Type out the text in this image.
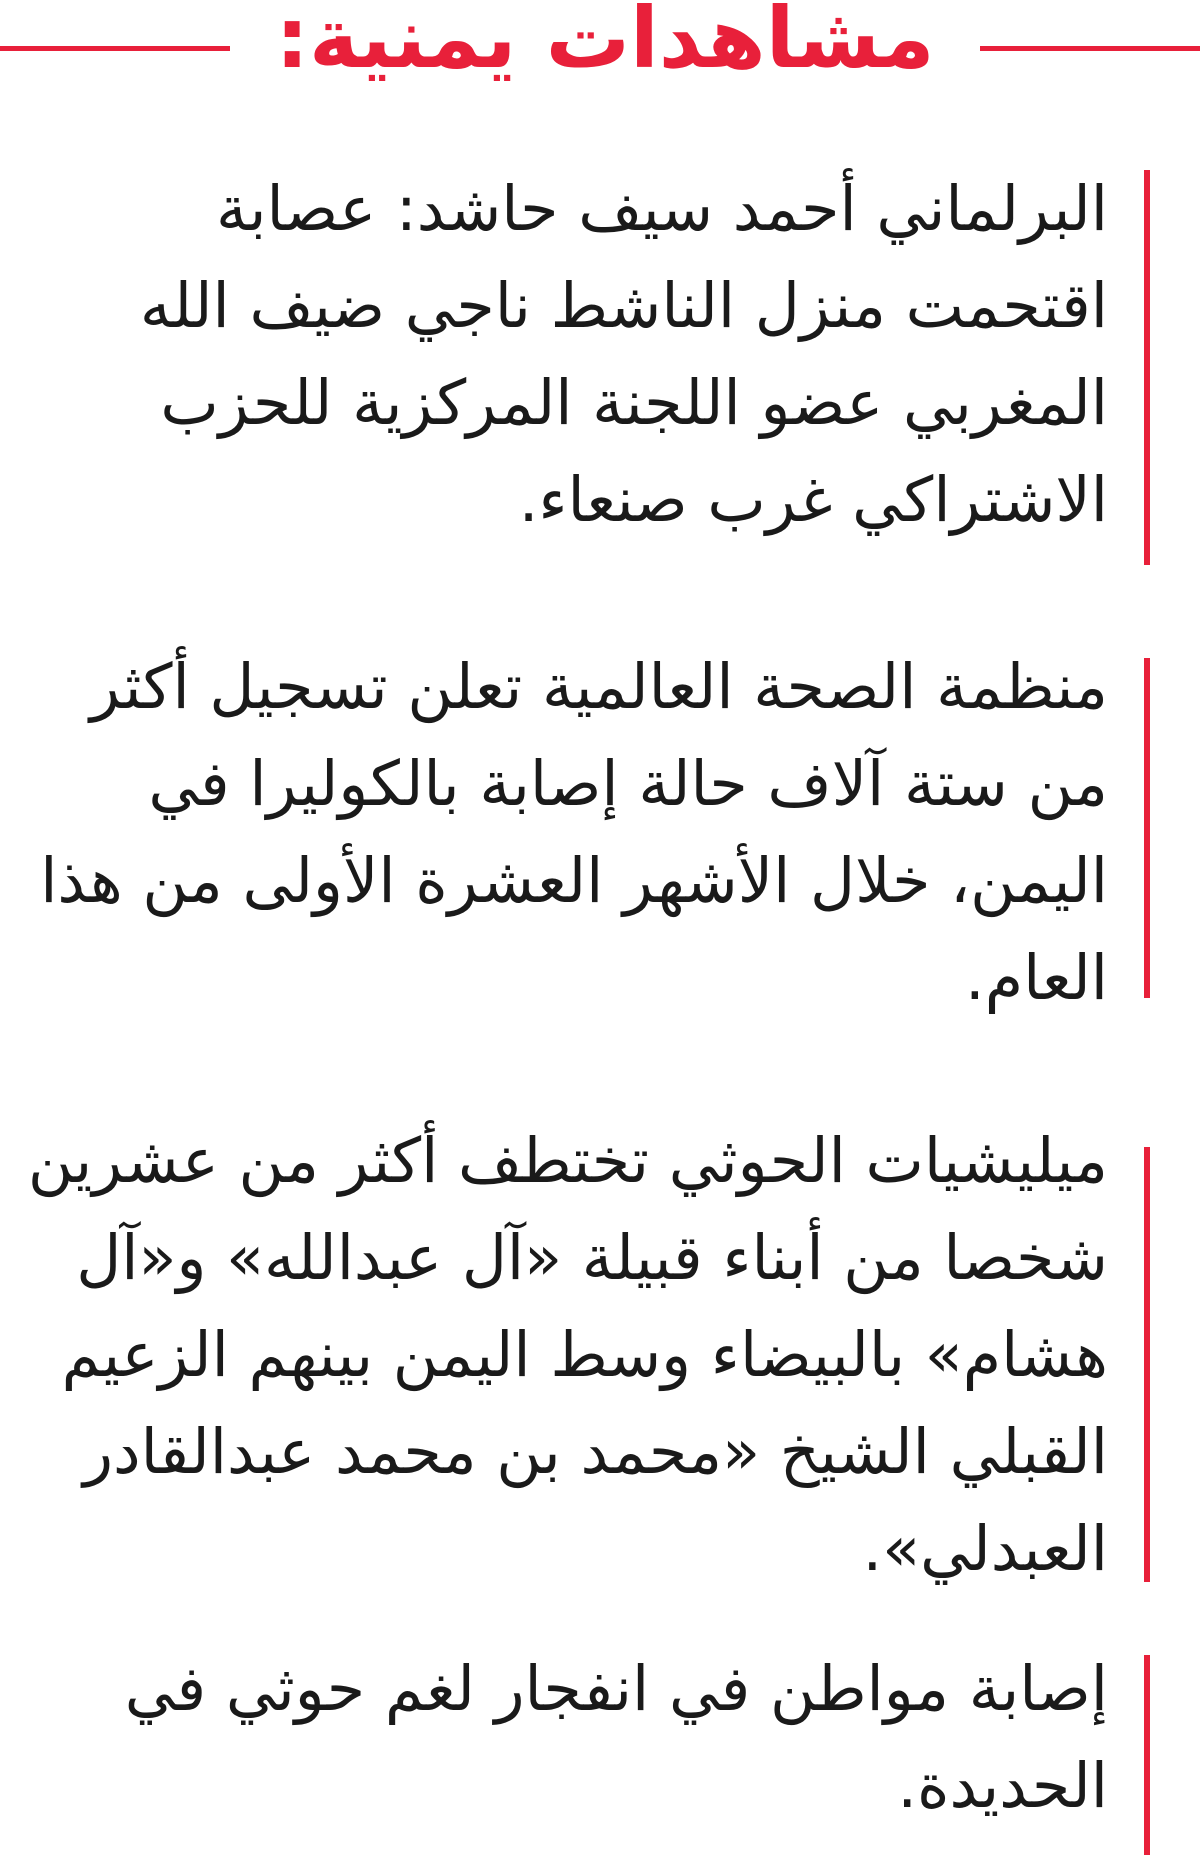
مشاهدات يمنية:

البرلماني أحمد سيف حاشد: عصابة اقتحمت منزل الناشط ناجي ضيف الله المغربي عضو اللجنة المركزية للحزب الاشتراكي غرب صنعاء.

منظمة الصحة العالمية تعلن تسجيل أكثر من ستة آلاف حالة إصابة بالكوليرا في اليمن، خلال الأشهر العشرة الأولى من هذا العام.

ميليشيات الحوثي تختطف أكثر من عشرين شخصا من أبناء قبيلة «آل عبدالله» و«آل هشام» بالبيضاء وسط اليمن بينهم الزعيم القبلي الشيخ «محمد بن محمد عبدالقادر العبدلي».

إصابة مواطن في انفجار لغم حوثي في الحديدة.
